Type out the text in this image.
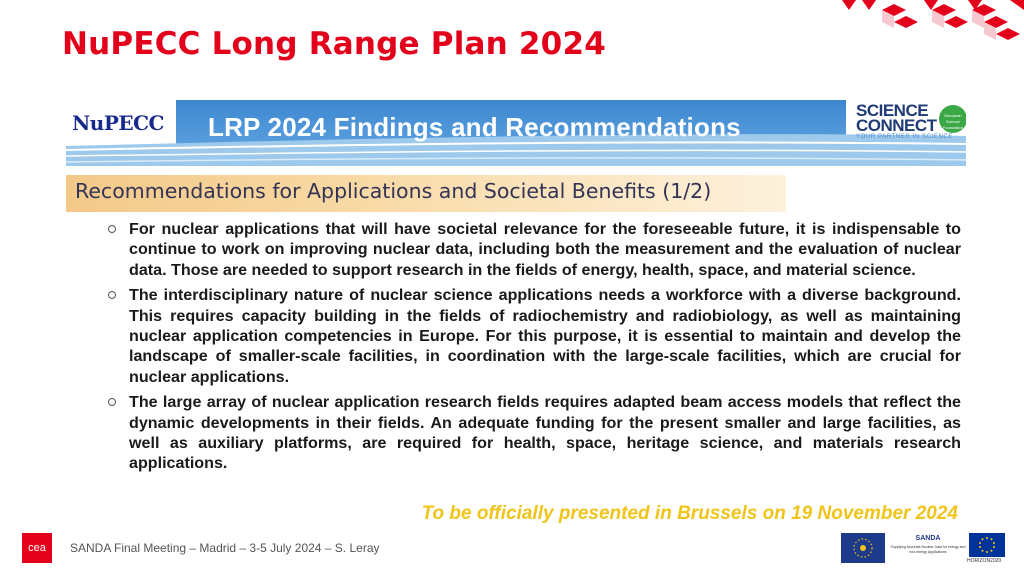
NuPECC Long Range Plan 2024
NuPECC LRP 2024 Findings and Recommendations
SCIENCE
CONNECT
YOUR PARTNER IN SCIENCE
European Science Foundation
Recommendations for Applications and Societal Benefits (1/2)
For nuclear applications that will have societal relevance for the foreseeable future, it is indispensable to continue to work on improving nuclear data, including both the measurement and the evaluation of nuclear data. Those are needed to support research in the fields of energy, health, space, and material science.
The interdisciplinary nature of nuclear science applications needs a workforce with a diverse background. This requires capacity building in the fields of radiochemistry and radiobiology, as well as maintaining nuclear application competencies in Europe. For this purpose, it is essential to maintain and develop the landscape of smaller-scale facilities, in coordination with the large-scale facilities, which are crucial for nuclear applications.
The large array of nuclear application research fields requires adapted beam access models that reflect the dynamic developments in their fields. An adequate funding for the present smaller and large facilities, as well as auxiliary platforms, are required for health, space, heritage science, and materials research applications.
To be officially presented in Brussels on 19 November 2024
cea	SANDA Final Meeting – Madrid – 3-5 July 2024 – S. Leray
SANDA
Supplying Accurate Nuclear Data for energy and non-energy Applications
HORIZON2020
